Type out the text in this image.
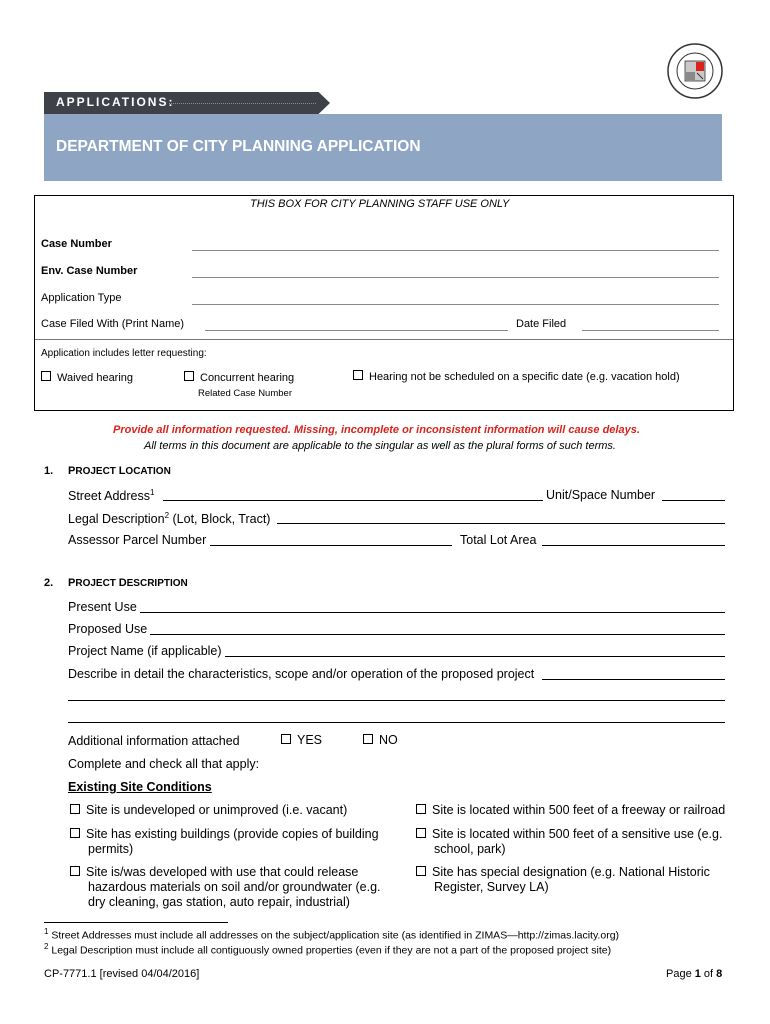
APPLICATIONS:
DEPARTMENT OF CITY PLANNING APPLICATION
THIS BOX FOR CITY PLANNING STAFF USE ONLY
Case Number
Env. Case Number
Application Type
Case Filed With (Print Name)	Date Filed
Application includes letter requesting:
Waived hearing	Concurrent hearing
Related Case Number
Hearing not be scheduled on a specific date (e.g. vacation hold)
Provide all information requested. Missing, incomplete or inconsistent information will cause delays.
All terms in this document are applicable to the singular as well as the plural forms of such terms.
1. PROJECT LOCATION
Street Address$^1$	Unit/Space Number
Legal Description$^2$ (Lot, Block, Tract)
Assessor Parcel Number	Total Lot Area
2. PROJECT DESCRIPTION
Present Use
Proposed Use
Project Name (if applicable)
Describe in detail the characteristics, scope and/or operation of the proposed project
Additional information attached	YES	NO
Complete and check all that apply:
Existing Site Conditions
Site is undeveloped or unimproved (i.e. vacant)
Site has existing buildings (provide copies of building permits)
Site is/was developed with use that could release hazardous materials on soil and/or groundwater (e.g. dry cleaning, gas station, auto repair, industrial)
Site is located within 500 feet of a freeway or railroad
Site is located within 500 feet of a sensitive use (e.g. school, park)
Site has special designation (e.g. National Historic Register, Survey LA)
$^1$ Street Addresses must include all addresses on the subject/application site (as identified in ZIMAS—http://zimas.lacity.org)
$^2$ Legal Description must include all contiguously owned properties (even if they are not a part of the proposed project site)
CP-7771.1 [revised 04/04/2016]	Page 1 of 8
